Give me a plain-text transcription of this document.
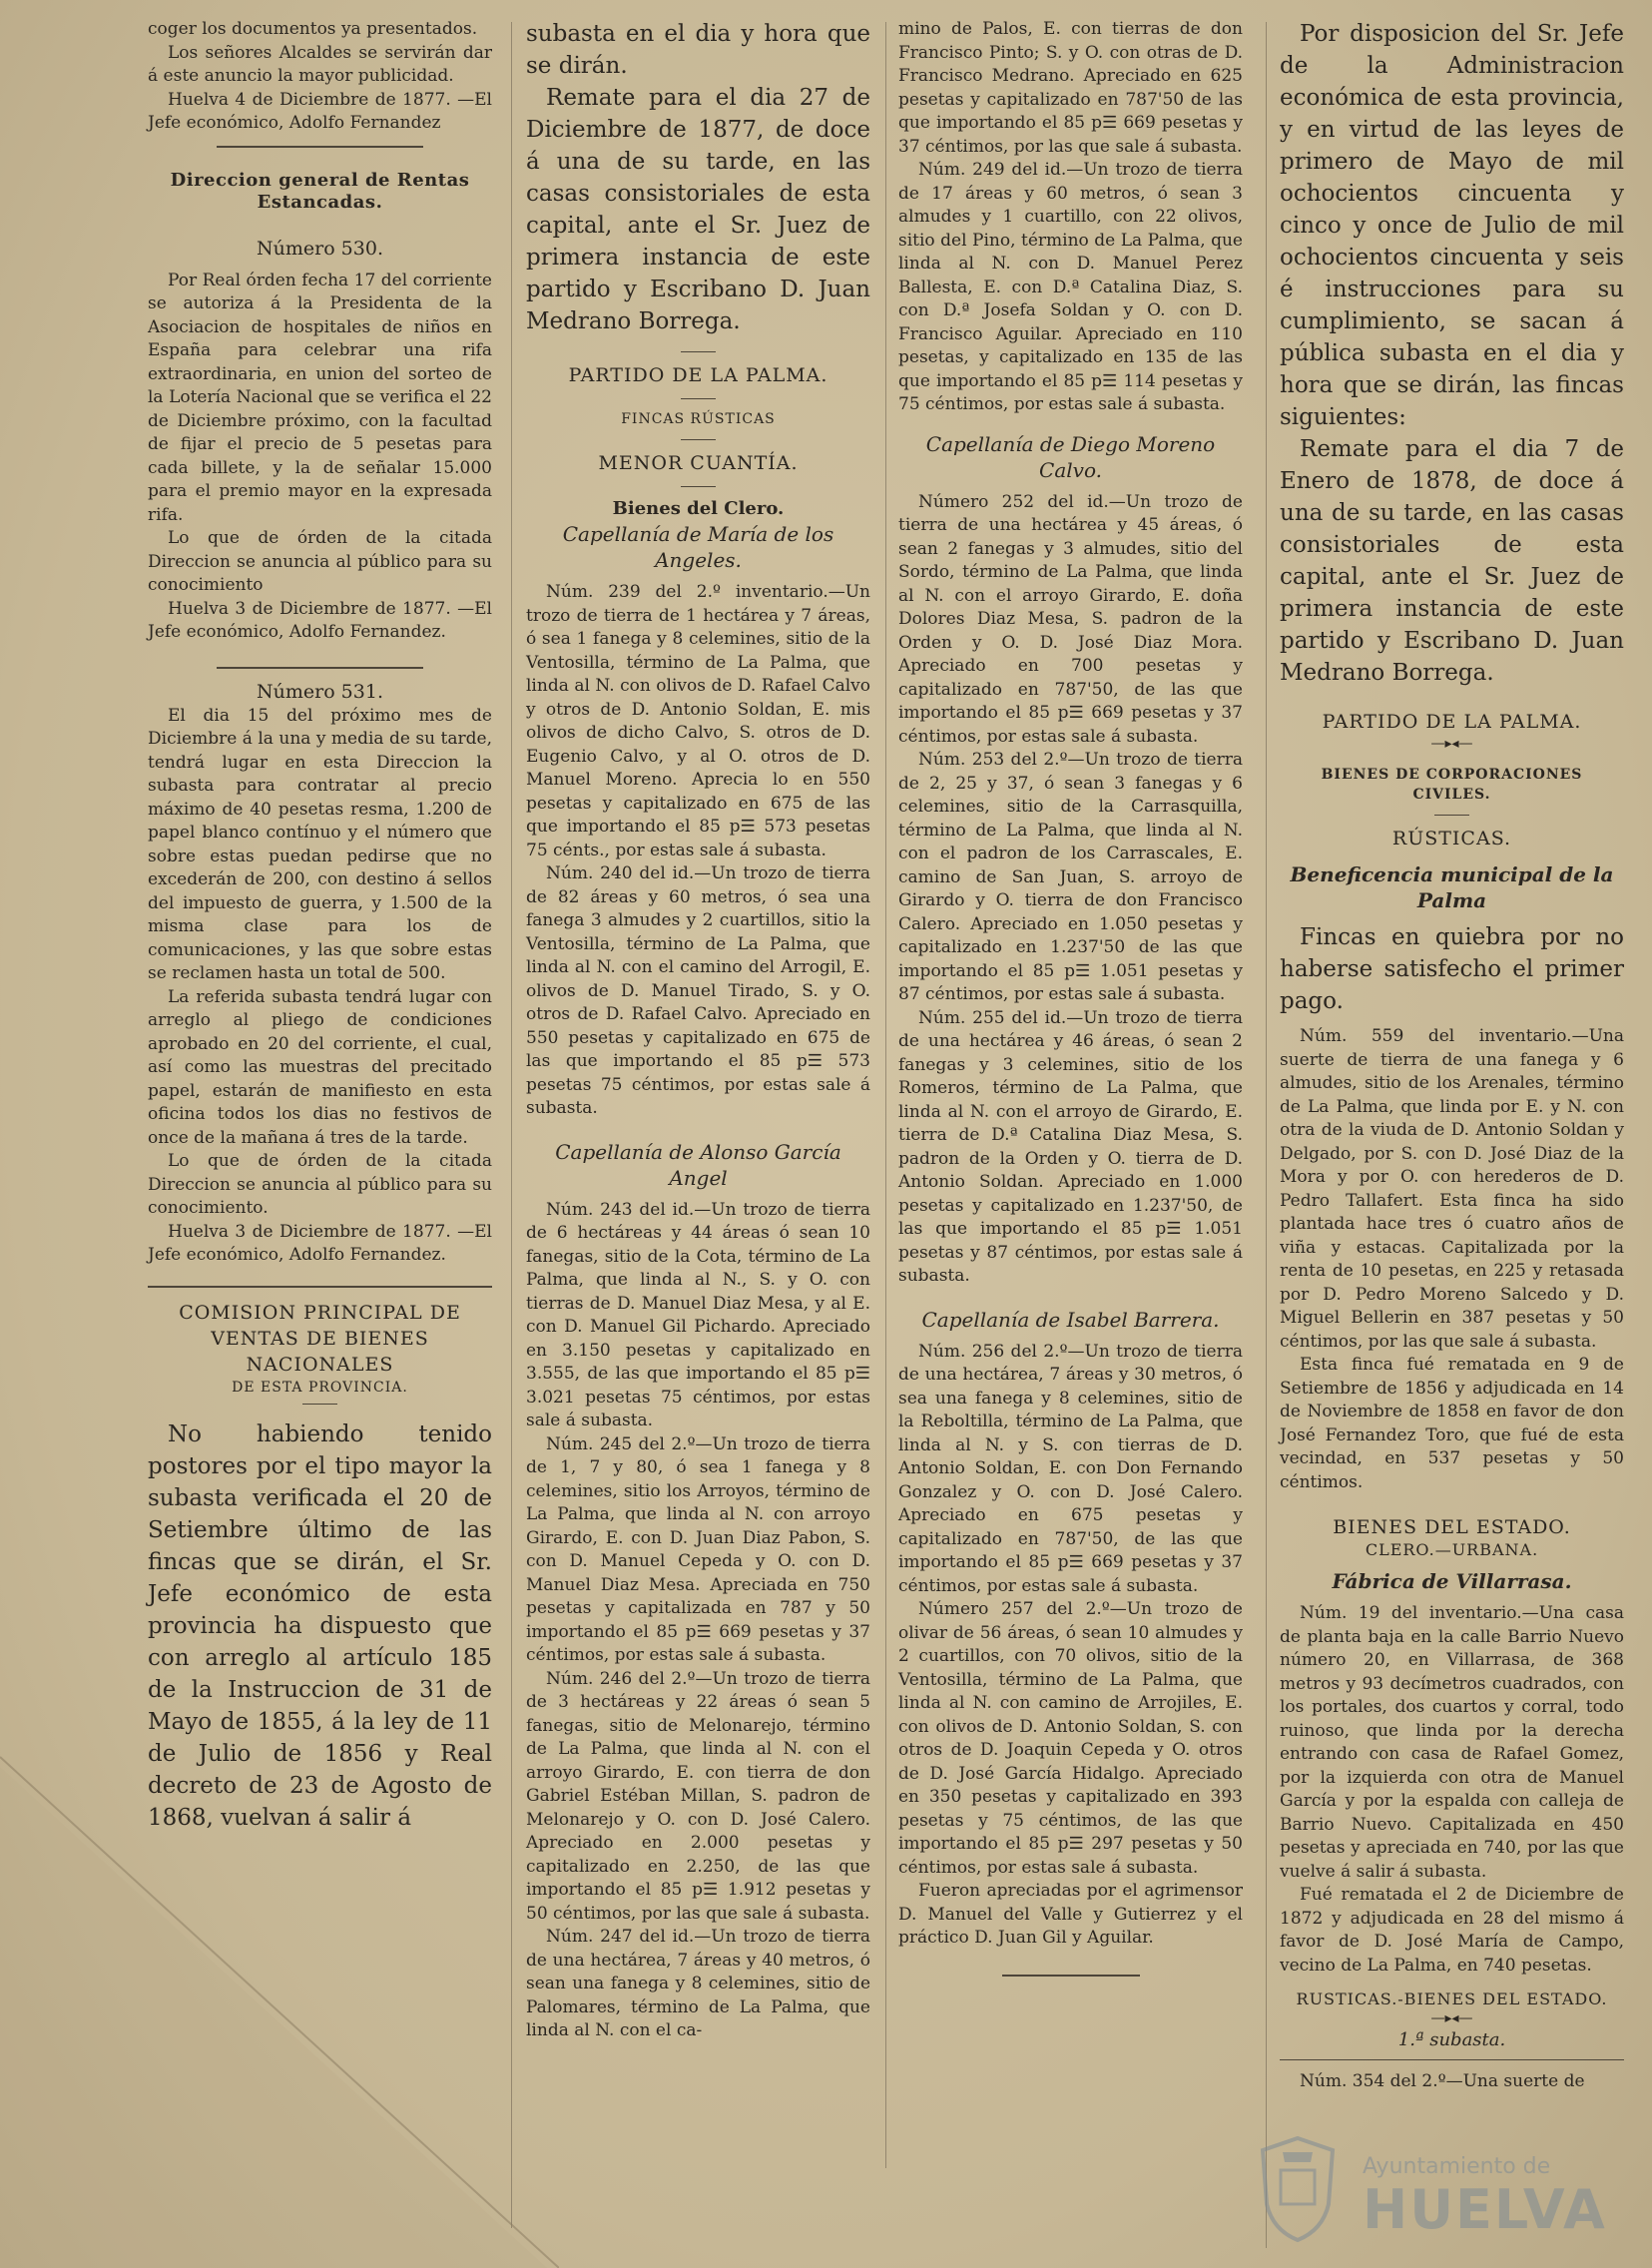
coger los documentos ya presentados.

Los señores Alcaldes se servirán dar á este anuncio la mayor publicidad.

Huelva 4 de Diciembre de 1877. —El Jefe económico, Adolfo Fernandez

Direccion general de Rentas Estancadas.

Número 530.

Por Real órden fecha 17 del corriente se autoriza á la Presidenta de la Asociacion de hospitales de niños en España para celebrar una rifa extraordinaria, en union del sorteo de la Lotería Nacional que se verifica el 22 de Diciembre próximo, con la facultad de fijar el precio de 5 pesetas para cada billete, y la de señalar 15.000 para el premio mayor en la expresada rifa.

Lo que de órden de la citada Direccion se anuncia al público para su conocimiento

Huelva 3 de Diciembre de 1877. —El Jefe económico, Adolfo Fernandez.

Número 531.

El dia 15 del próximo mes de Diciembre á la una y media de su tarde, tendrá lugar en esta Direccion la subasta para contratar al precio máximo de 40 pesetas resma, 1.200 de papel blanco contínuo y el número que sobre estas puedan pedirse que no excederán de 200, con destino á sellos del impuesto de guerra, y 1.500 de la misma clase para los de comunicaciones, y las que sobre estas se reclamen hasta un total de 500.

La referida subasta tendrá lugar con arreglo al pliego de condiciones aprobado en 20 del corriente, el cual, así como las muestras del precitado papel, estarán de manifiesto en esta oficina todos los dias no festivos de once de la mañana á tres de la tarde.

Lo que de órden de la citada Direccion se anuncia al público para su conocimiento.

Huelva 3 de Diciembre de 1877. —El Jefe económico, Adolfo Fernandez.

COMISION PRINCIPAL DE VENTAS DE BIENES NACIONALES

DE ESTA PROVINCIA.

No habiendo tenido postores por el tipo mayor la subasta verificada el 20 de Setiembre último de las fincas que se dirán, el Sr. Jefe económico de esta provincia ha dispuesto que con arreglo al artículo 185 de la Instruccion de 31 de Mayo de 1855, á la ley de 11 de Julio de 1856 y Real decreto de 23 de Agosto de 1868, vuelvan á salir á

subasta en el dia y hora que se dirán.

Remate para el dia 27 de Diciembre de 1877, de doce á una de su tarde, en las casas consistoriales de esta capital, ante el Sr. Juez de primera instancia de este partido y Escribano D. Juan Medrano Borrega.

PARTIDO DE LA PALMA.

FINCAS RÚSTICAS

MENOR CUANTÍA.

Bienes del Clero.

Capellanía de María de los Angeles.

Núm. 239 del 2.º inventario.—Un trozo de tierra de 1 hectárea y 7 áreas, ó sea 1 fanega y 8 celemines, sitio de la Ventosilla, término de La Palma, que linda al N. con olivos de D. Rafael Calvo y otros de D. Antonio Soldan, E. mis olivos de dicho Calvo, S. otros de D. Eugenio Calvo, y al O. otros de D. Manuel Moreno. Aprecia lo en 550 pesetas y capitalizado en 675 de las que importando el 85 p☰ 573 pesetas 75 cénts., por estas sale á subasta.

Núm. 240 del id.—Un trozo de tierra de 82 áreas y 60 metros, ó sea una fanega 3 almudes y 2 cuartillos, sitio la Ventosilla, término de La Palma, que linda al N. con el camino del Arrogil, E. olivos de D. Manuel Tirado, S. y O. otros de D. Rafael Calvo. Apreciado en 550 pesetas y capitalizado en 675 de las que importando el 85 p☰ 573 pesetas 75 céntimos, por estas sale á subasta.

Capellanía de Alonso García Angel

Núm. 243 del id.—Un trozo de tierra de 6 hectáreas y 44 áreas ó sean 10 fanegas, sitio de la Cota, término de La Palma, que linda al N., S. y O. con tierras de D. Manuel Diaz Mesa, y al E. con D. Manuel Gil Pichardo. Apreciado en 3.150 pesetas y capitalizado en 3.555, de las que importando el 85 p☰ 3.021 pesetas 75 céntimos, por estas sale á subasta.

Núm. 245 del 2.º—Un trozo de tierra de 1, 7 y 80, ó sea 1 fanega y 8 celemines, sitio los Arroyos, término de La Palma, que linda al N. con arroyo Girardo, E. con D. Juan Diaz Pabon, S. con D. Manuel Cepeda y O. con D. Manuel Diaz Mesa. Apreciada en 750 pesetas y capitalizada en 787 y 50 importando el 85 p☰ 669 pesetas y 37 céntimos, por estas sale á subasta.

Núm. 246 del 2.º—Un trozo de tierra de 3 hectáreas y 22 áreas ó sean 5 fanegas, sitio de Melonarejo, término de La Palma, que linda al N. con el arroyo Girardo, E. con tierra de don Gabriel Estéban Millan, S. padron de Melonarejo y O. con D. José Calero. Apreciado en 2.000 pesetas y capitalizado en 2.250, de las que importando el 85 p☰ 1.912 pesetas y 50 céntimos, por las que sale á subasta.

Núm. 247 del id.—Un trozo de tierra de una hectárea, 7 áreas y 40 metros, ó sean una fanega y 8 celemines, sitio de Palomares, término de La Palma, que linda al N. con el ca-

mino de Palos, E. con tierras de don Francisco Pinto; S. y O. con otras de D. Francisco Medrano. Apreciado en 625 pesetas y capitalizado en 787'50 de las que importando el 85 p☰ 669 pesetas y 37 céntimos, por las que sale á subasta.

Núm. 249 del id.—Un trozo de tierra de 17 áreas y 60 metros, ó sean 3 almudes y 1 cuartillo, con 22 olivos, sitio del Pino, término de La Palma, que linda al N. con D. Manuel Perez Ballesta, E. con D.ª Catalina Diaz, S. con D.ª Josefa Soldan y O. con D. Francisco Aguilar. Apreciado en 110 pesetas, y capitalizado en 135 de las que importando el 85 p☰ 114 pesetas y 75 céntimos, por estas sale á subasta.

Capellanía de Diego Moreno Calvo.

Número 252 del id.—Un trozo de tierra de una hectárea y 45 áreas, ó sean 2 fanegas y 3 almudes, sitio del Sordo, término de La Palma, que linda al N. con el arroyo Girardo, E. doña Dolores Diaz Mesa, S. padron de la Orden y O. D. José Diaz Mora. Apreciado en 700 pesetas y capitalizado en 787'50, de las que importando el 85 p☰ 669 pesetas y 37 céntimos, por estas sale á subasta.

Núm. 253 del 2.º—Un trozo de tierra de 2, 25 y 37, ó sean 3 fanegas y 6 celemines, sitio de la Carrasquilla, término de La Palma, que linda al N. con el padron de los Carrascales, E. camino de San Juan, S. arroyo de Girardo y O. tierra de don Francisco Calero. Apreciado en 1.050 pesetas y capitalizado en 1.237'50 de las que importando el 85 p☰ 1.051 pesetas y 87 céntimos, por estas sale á subasta.

Núm. 255 del id.—Un trozo de tierra de una hectárea y 46 áreas, ó sean 2 fanegas y 3 celemines, sitio de los Romeros, término de La Palma, que linda al N. con el arroyo de Girardo, E. tierra de D.ª Catalina Diaz Mesa, S. padron de la Orden y O. tierra de D. Antonio Soldan. Apreciado en 1.000 pesetas y capitalizado en 1.237'50, de las que importando el 85 p☰ 1.051 pesetas y 87 céntimos, por estas sale á subasta.

Capellanía de Isabel Barrera.

Núm. 256 del 2.º—Un trozo de tierra de una hectárea, 7 áreas y 30 metros, ó sea una fanega y 8 celemines, sitio de la Reboltilla, término de La Palma, que linda al N. y S. con tierras de D. Antonio Soldan, E. con Don Fernando Gonzalez y O. con D. José Calero. Apreciado en 675 pesetas y capitalizado en 787'50, de las que importando el 85 p☰ 669 pesetas y 37 céntimos, por estas sale á subasta.

Número 257 del 2.º—Un trozo de olivar de 56 áreas, ó sean 10 almudes y 2 cuartillos, con 70 olivos, sitio de la Ventosilla, término de La Palma, que linda al N. con camino de Arrojiles, E. con olivos de D. Antonio Soldan, S. con otros de D. Joaquin Cepeda y O. otros de D. José García Hidalgo. Apreciado en 350 pesetas y capitalizado en 393 pesetas y 75 céntimos, de las que importando el 85 p☰ 297 pesetas y 50 céntimos, por estas sale á subasta.

Fueron apreciadas por el agrimensor D. Manuel del Valle y Gutierrez y el práctico D. Juan Gil y Aguilar.

Por disposicion del Sr. Jefe de la Administracion económica de esta provincia, y en virtud de las leyes de primero de Mayo de mil ochocientos cincuenta y cinco y once de Julio de mil ochocientos cincuenta y seis é instrucciones para su cumplimiento, se sacan á pública subasta en el dia y hora que se dirán, las fincas siguientes:

Remate para el dia 7 de Enero de 1878, de doce á una de su tarde, en las casas consistoriales de esta capital, ante el Sr. Juez de primera instancia de este partido y Escribano D. Juan Medrano Borrega.

PARTIDO DE LA PALMA.

—▸◂—

BIENES DE CORPORACIONES CIVILES.

RÚSTICAS.

Beneficencia municipal de la Palma

Fincas en quiebra por no haberse satisfecho el primer pago.

Núm. 559 del inventario.—Una suerte de tierra de una fanega y 6 almudes, sitio de los Arenales, término de La Palma, que linda por E. y N. con otra de la viuda de D. Antonio Soldan y Delgado, por S. con D. José Diaz de la Mora y por O. con herederos de D. Pedro Tallafert. Esta finca ha sido plantada hace tres ó cuatro años de viña y estacas. Capitalizada por la renta de 10 pesetas, en 225 y retasada por D. Pedro Moreno Salcedo y D. Miguel Bellerin en 387 pesetas y 50 céntimos, por las que sale á subasta.

Esta finca fué rematada en 9 de Setiembre de 1856 y adjudicada en 14 de Noviembre de 1858 en favor de don José Fernandez Toro, que fué de esta vecindad, en 537 pesetas y 50 céntimos.

BIENES DEL ESTADO.

CLERO.—URBANA.

Fábrica de Villarrasa.

Núm. 19 del inventario.—Una casa de planta baja en la calle Barrio Nuevo número 20, en Villarrasa, de 368 metros y 93 decímetros cuadrados, con los portales, dos cuartos y corral, todo ruinoso, que linda por la derecha entrando con casa de Rafael Gomez, por la izquierda con otra de Manuel García y por la espalda con calleja de Barrio Nuevo. Capitalizada en 450 pesetas y apreciada en 740, por las que vuelve á salir á subasta.

Fué rematada el 2 de Diciembre de 1872 y adjudicada en 28 del mismo á favor de D. José María de Campo, vecino de La Palma, en 740 pesetas.

RUSTICAS.-BIENES DEL ESTADO.

—▸◂—

1.ª subasta.

Núm. 354 del 2.º—Una suerte de

Ayuntamiento de
HUELVA
